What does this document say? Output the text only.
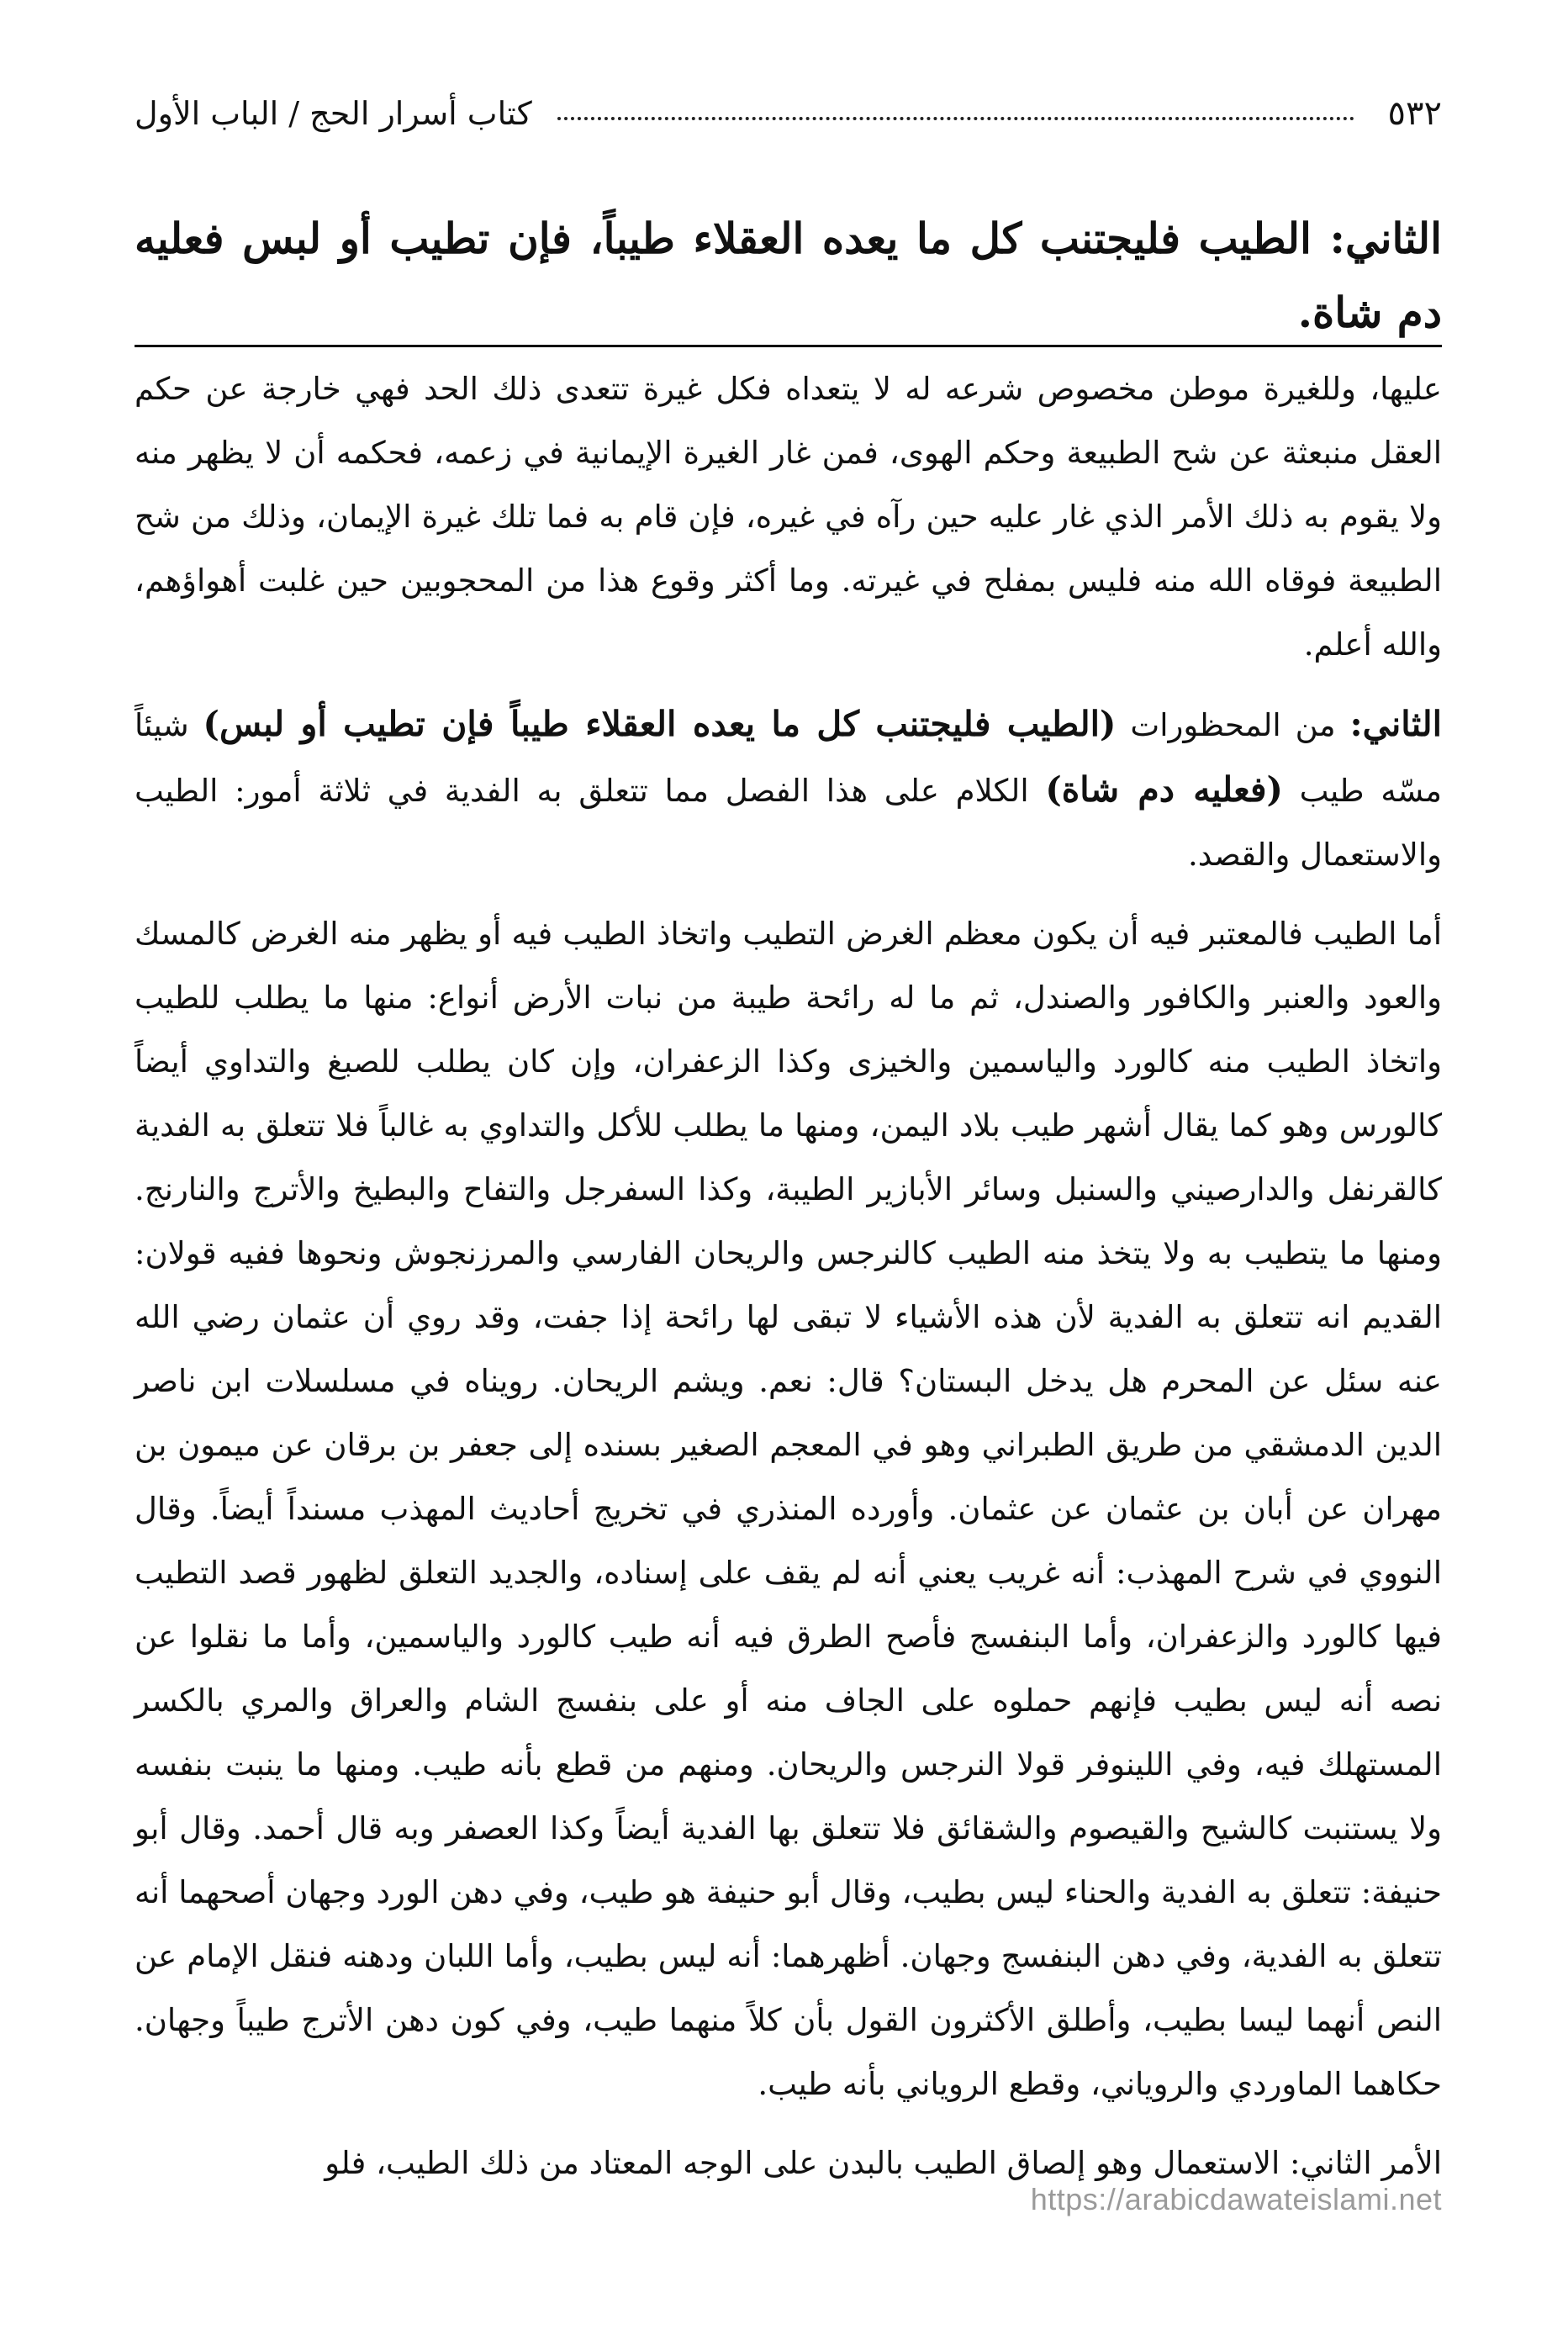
٥٣٢
كتاب أسرار الحج / الباب الأول
الثاني: الطيب فليجتنب كل ما يعده العقلاء طيباً، فإن تطيب أو لبس فعليه دم شاة.

عليها، وللغيرة موطن مخصوص شرعه له لا يتعداه فكل غيرة تتعدى ذلك الحد فهي خارجة عن حكم العقل منبعثة عن شح الطبيعة وحكم الهوى، فمن غار الغيرة الإيمانية في زعمه، فحكمه أن لا يظهر منه ولا يقوم به ذلك الأمر الذي غار عليه حين رآه في غيره، فإن قام به فما تلك غيرة الإيمان، وذلك من شح الطبيعة فوقاه الله منه فليس بمفلح في غيرته. وما أكثر وقوع هذا من المحجوبين حين غلبت أهواؤهم، والله أعلم.

الثاني: من المحظورات (الطيب فليجتنب كل ما يعده العقلاء طيباً فإن تطيب أو لبس) شيئاً مسّه طيب (فعليه دم شاة) الكلام على هذا الفصل مما تتعلق به الفدية في ثلاثة أمور: الطيب والاستعمال والقصد.

أما الطيب فالمعتبر فيه أن يكون معظم الغرض التطيب واتخاذ الطيب فيه أو يظهر منه الغرض كالمسك والعود والعنبر والكافور والصندل، ثم ما له رائحة طيبة من نبات الأرض أنواع: منها ما يطلب للطيب واتخاذ الطيب منه كالورد والياسمين والخيزى وكذا الزعفران، وإن كان يطلب للصبغ والتداوي أيضاً كالورس وهو كما يقال أشهر طيب بلاد اليمن، ومنها ما يطلب للأكل والتداوي به غالباً فلا تتعلق به الفدية كالقرنفل والدارصيني والسنبل وسائر الأبازير الطيبة، وكذا السفرجل والتفاح والبطيخ والأترج والنارنج. ومنها ما يتطيب به ولا يتخذ منه الطيب كالنرجس والريحان الفارسي والمرزنجوش ونحوها ففيه قولان: القديم انه تتعلق به الفدية لأن هذه الأشياء لا تبقى لها رائحة إذا جفت، وقد روي أن عثمان رضي الله عنه سئل عن المحرم هل يدخل البستان؟ قال: نعم. ويشم الريحان. رويناه في مسلسلات ابن ناصر الدين الدمشقي من طريق الطبراني وهو في المعجم الصغير بسنده إلى جعفر بن برقان عن ميمون بن مهران عن أبان بن عثمان عن عثمان. وأورده المنذري في تخريج أحاديث المهذب مسنداً أيضاً. وقال النووي في شرح المهذب: أنه غريب يعني أنه لم يقف على إسناده، والجديد التعلق لظهور قصد التطيب فيها كالورد والزعفران، وأما البنفسج فأصح الطرق فيه أنه طيب كالورد والياسمين، وأما ما نقلوا عن نصه أنه ليس بطيب فإنهم حملوه على الجاف منه أو على بنفسج الشام والعراق والمري بالكسر المستهلك فيه، وفي اللينوفر قولا النرجس والريحان. ومنهم من قطع بأنه طيب. ومنها ما ينبت بنفسه ولا يستنبت كالشيح والقيصوم والشقائق فلا تتعلق بها الفدية أيضاً وكذا العصفر وبه قال أحمد. وقال أبو حنيفة: تتعلق به الفدية والحناء ليس بطيب، وقال أبو حنيفة هو طيب، وفي دهن الورد وجهان أصحهما أنه تتعلق به الفدية، وفي دهن البنفسج وجهان. أظهرهما: أنه ليس بطيب، وأما اللبان ودهنه فنقل الإمام عن النص أنهما ليسا بطيب، وأطلق الأكثرون القول بأن كلاً منهما طيب، وفي كون دهن الأترج طيباً وجهان. حكاهما الماوردي والروياني، وقطع الروياني بأنه طيب.

الأمر الثاني: الاستعمال وهو إلصاق الطيب بالبدن على الوجه المعتاد من ذلك الطيب، فلو

https://arabicdawateislami.net
